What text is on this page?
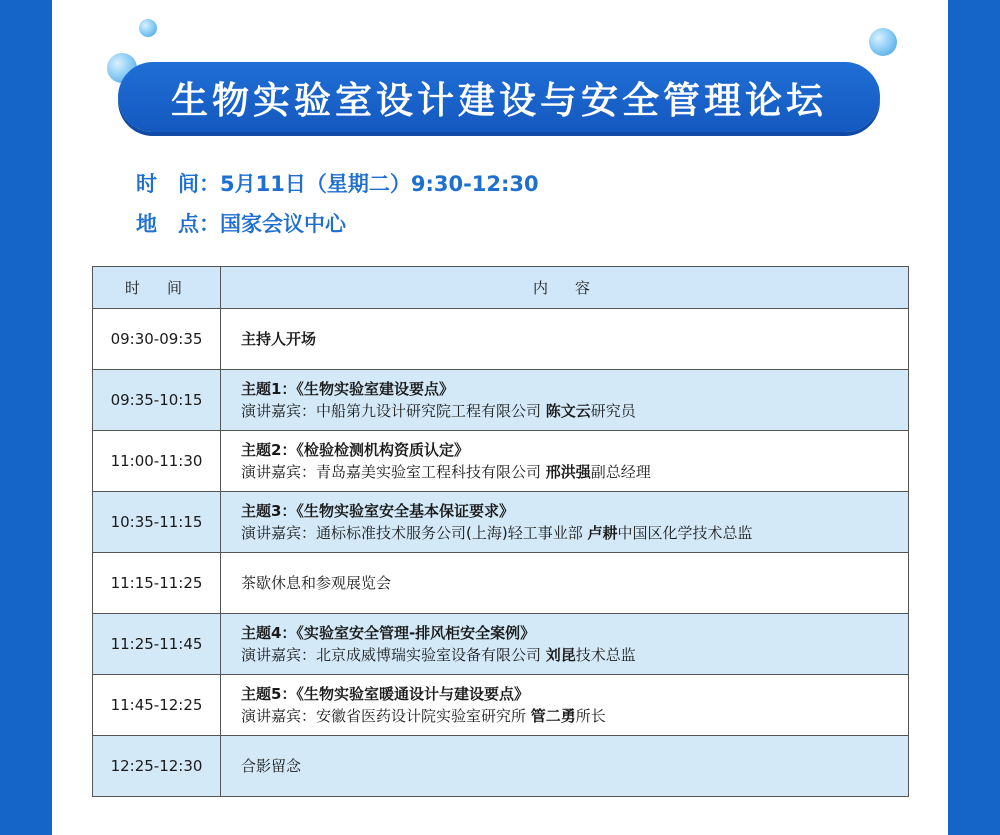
生物实验室设计建设与安全管理论坛
时　间：5月11日（星期二）9:30-12:30
地　点：国家会议中心
时　间	内　容
09:30-09:35	主持人开场

09:35-10:15	主题1：《生物实验室建设要点》
演讲嘉宾：中船第九设计研究院工程有限公司 陈文云研究员

11:00-11:30	主题2：《检验检测机构资质认定》
演讲嘉宾：青岛嘉美实验室工程科技有限公司 邢洪强副总经理

10:35-11:15	主题3：《生物实验室安全基本保证要求》
演讲嘉宾：通标标准技术服务公司(上海)轻工事业部 卢耕中国区化学技术总监

11:15-11:25	茶歇休息和参观展览会

11:25-11:45	主题4：《实验室安全管理-排风柜安全案例》
演讲嘉宾：北京成威博瑞实验室设备有限公司 刘昆技术总监

11:45-12:25	主题5：《生物实验室暖通设计与建设要点》
演讲嘉宾：安徽省医药设计院实验室研究所 管二勇所长

12:25-12:30	合影留念
